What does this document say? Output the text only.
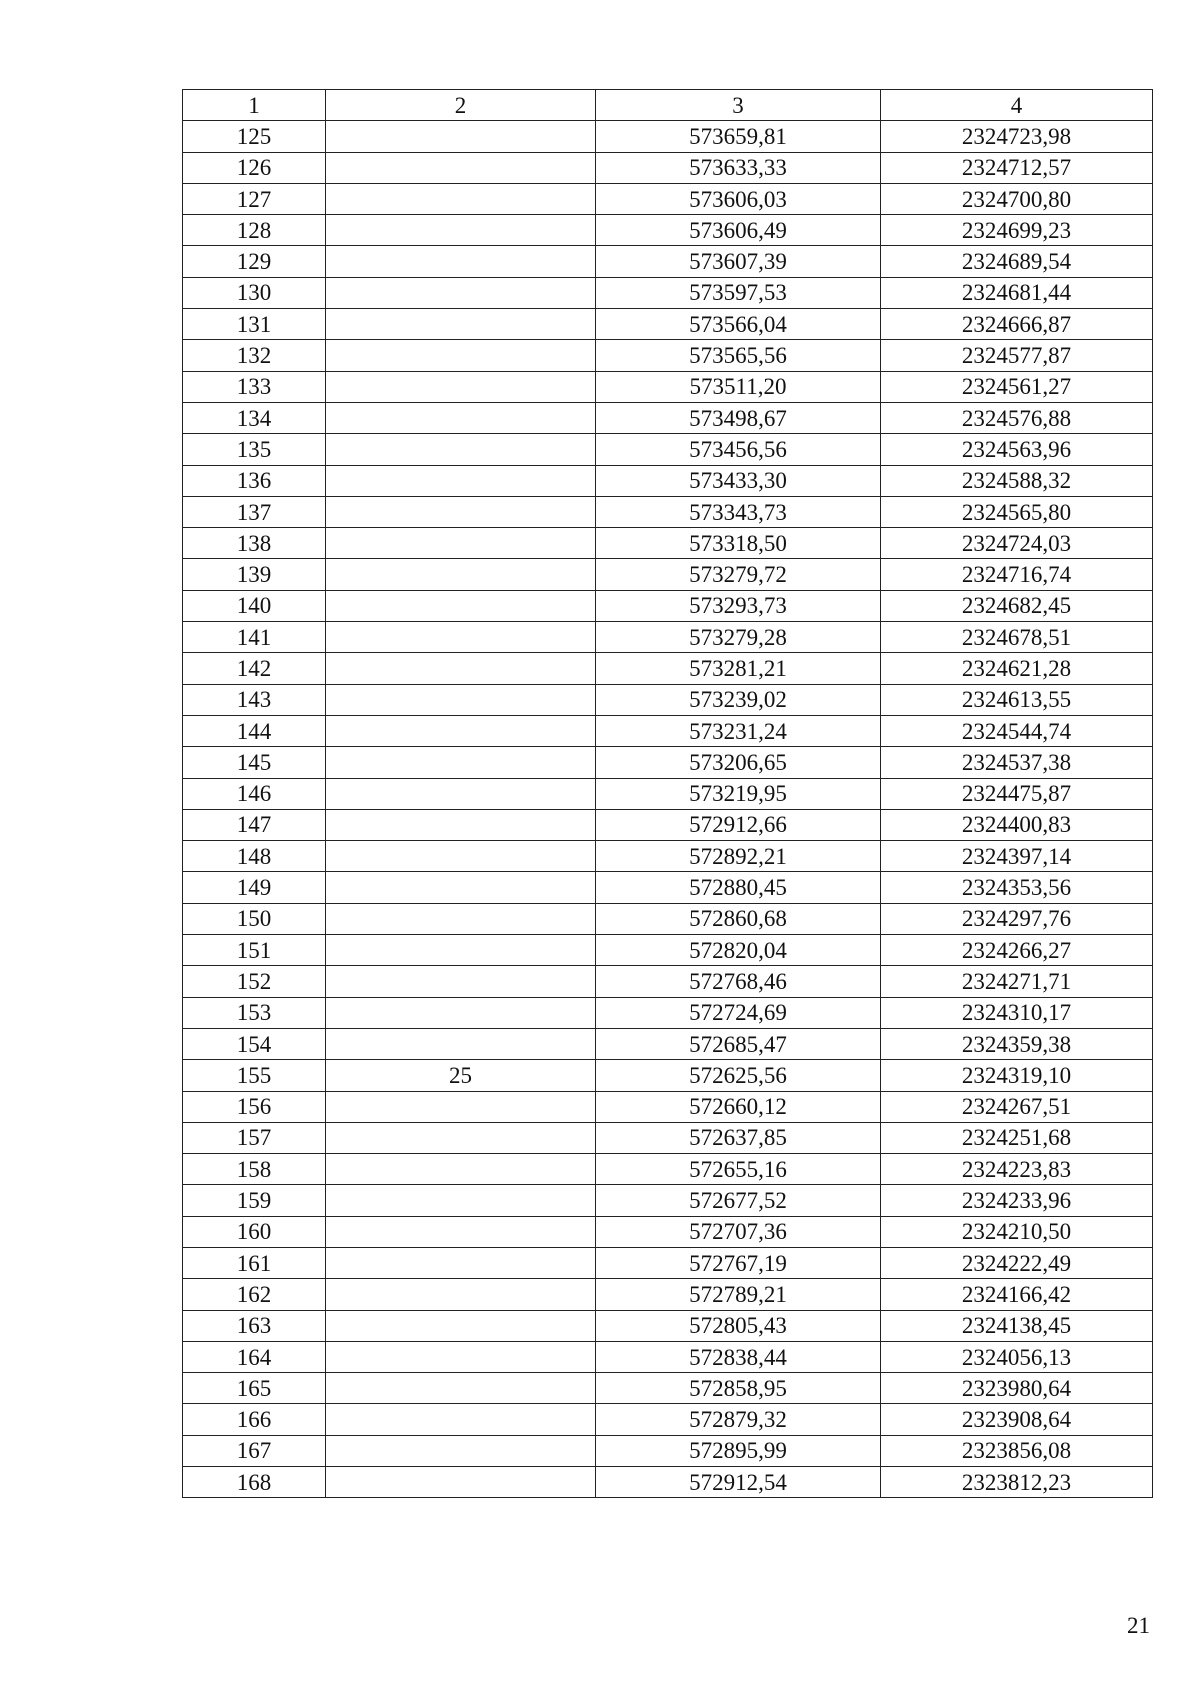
1	2	3	4
125		573659,81	2324723,98
126		573633,33	2324712,57
127		573606,03	2324700,80
128		573606,49	2324699,23
129		573607,39	2324689,54
130		573597,53	2324681,44
131		573566,04	2324666,87
132		573565,56	2324577,87
133		573511,20	2324561,27
134		573498,67	2324576,88
135		573456,56	2324563,96
136		573433,30	2324588,32
137		573343,73	2324565,80
138		573318,50	2324724,03
139		573279,72	2324716,74
140		573293,73	2324682,45
141		573279,28	2324678,51
142		573281,21	2324621,28
143		573239,02	2324613,55
144		573231,24	2324544,74
145		573206,65	2324537,38
146		573219,95	2324475,87
147		572912,66	2324400,83
148		572892,21	2324397,14
149		572880,45	2324353,56
150		572860,68	2324297,76
151		572820,04	2324266,27
152		572768,46	2324271,71
153		572724,69	2324310,17
154		572685,47	2324359,38
155	25	572625,56	2324319,10
156		572660,12	2324267,51
157		572637,85	2324251,68
158		572655,16	2324223,83
159		572677,52	2324233,96
160		572707,36	2324210,50
161		572767,19	2324222,49
162		572789,21	2324166,42
163		572805,43	2324138,45
164		572838,44	2324056,13
165		572858,95	2323980,64
166		572879,32	2323908,64
167		572895,99	2323856,08
168		572912,54	2323812,23
21
